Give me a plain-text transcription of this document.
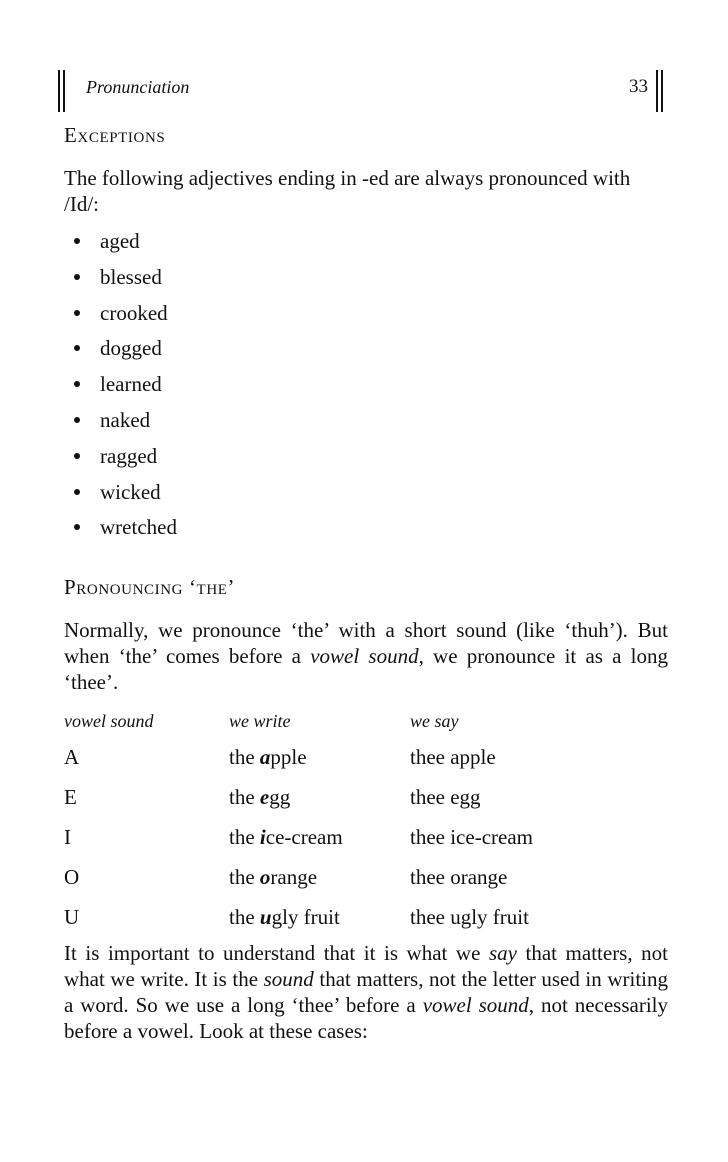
Pronunciation	33
Exceptions

The following adjectives ending in -ed are always pronounced with /Id/:

aged
blessed
crooked
dogged
learned
naked
ragged
wicked
wretched
Pronouncing ‘the’

Normally, we pronounce ‘the’ with a short sound (like ‘thuh’). But when ‘the’ comes before a vowel sound, we pronounce it as a long ‘thee’.

vowel sound	we write	we say
A	the apple	thee apple
E	the egg	thee egg
I	the ice-cream	thee ice-cream
O	the orange	thee orange
U	the ugly fruit	thee ugly fruit

It is important to understand that it is what we say that matters, not what we write. It is the sound that matters, not the letter used in writing a word. So we use a long ‘thee’ before a vowel sound, not necessarily before a vowel. Look at these cases:
